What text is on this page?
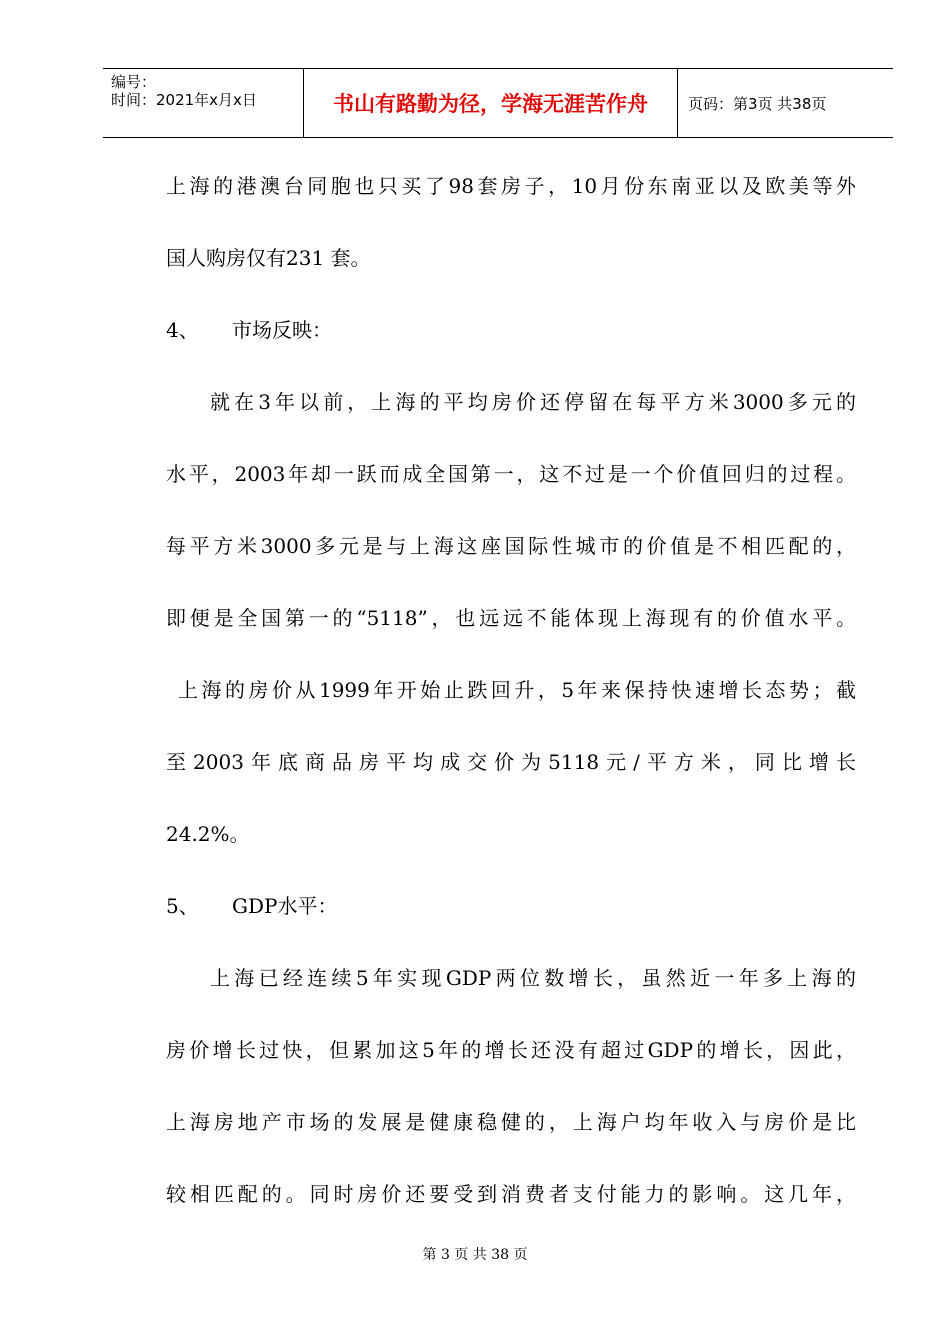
编号：
时间：2021年x月x日	书山有路勤为径，学海无涯苦作舟	页码：第3页 共38页
上海的港澳台同胞也只买了98套房子，10月份东南亚以及欧美等外
国人购房仅有231 套。
4、 市场反映：
就在3年以前，上海的平均房价还停留在每平方米3000多元的
水平，2003年却一跃而成全国第一，这不过是一个价值回归的过程。
每平方米3000多元是与上海这座国际性城市的价值是不相匹配的，
即便是全国第一的“5118”，也远远不能体现上海现有的价值水平。
上海的房价从1999年开始止跌回升，5年来保持快速增长态势；截
至2003年底商品房平均成交价为5118元/平方米，同比增长
24.2%。
5、 GDP水平：
上海已经连续5年实现GDP两位数增长，虽然近一年多上海的
房价增长过快，但累加这5年的增长还没有超过GDP的增长，因此，
上海房地产市场的发展是健康稳健的，上海户均年收入与房价是比
较相匹配的。同时房价还要受到消费者支付能力的影响。这几年，
第 3 页 共 38 页
